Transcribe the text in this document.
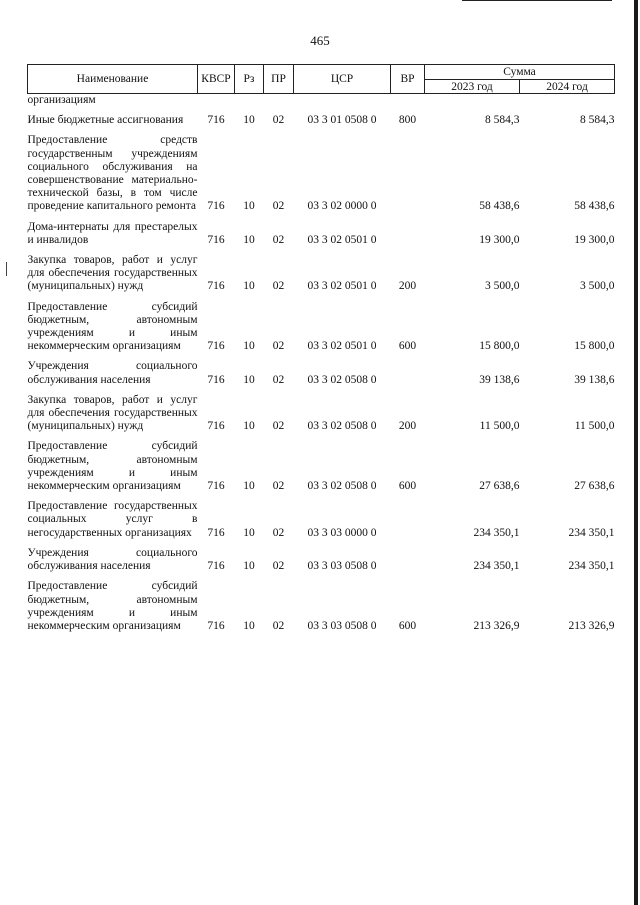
465
Наименование	КВСР	Рз	ПР	ЦСР	ВР	Сумма	
						2023 год	2024 год
организациям							
Иные бюджетные ассигнования	716	10	02	03 3 01 0508 0	800	8 584,3	8 584,3
Предоставление средств государственным учреждениям социального обслуживания на совершенствование материально-технической базы, в том числе проведение капитального ремонта	716	10	02	03 3 02 0000 0		58 438,6	58 438,6
Дома-интернаты для престарелых и инвалидов	716	10	02	03 3 02 0501 0		19 300,0	19 300,0
Закупка товаров, работ и услуг для обеспечения государственных (муниципальных) нужд	716	10	02	03 3 02 0501 0	200	3 500,0	3 500,0
Предоставление субсидий бюджетным, автономным учреждениям и иным некоммерческим организациям	716	10	02	03 3 02 0501 0	600	15 800,0	15 800,0
Учреждения социального обслуживания населения	716	10	02	03 3 02 0508 0		39 138,6	39 138,6
Закупка товаров, работ и услуг для обеспечения государственных (муниципальных) нужд	716	10	02	03 3 02 0508 0	200	11 500,0	11 500,0
Предоставление субсидий бюджетным, автономным учреждениям и иным некоммерческим организациям	716	10	02	03 3 02 0508 0	600	27 638,6	27 638,6
Предоставление государственных социальных услуг в негосударственных организациях	716	10	02	03 3 03 0000 0		234 350,1	234 350,1
Учреждения социального обслуживания населения	716	10	02	03 3 03 0508 0		234 350,1	234 350,1
Предоставление субсидий бюджетным, автономным учреждениям и иным некоммерческим организациям	716	10	02	03 3 03 0508 0	600	213 326,9	213 326,9
